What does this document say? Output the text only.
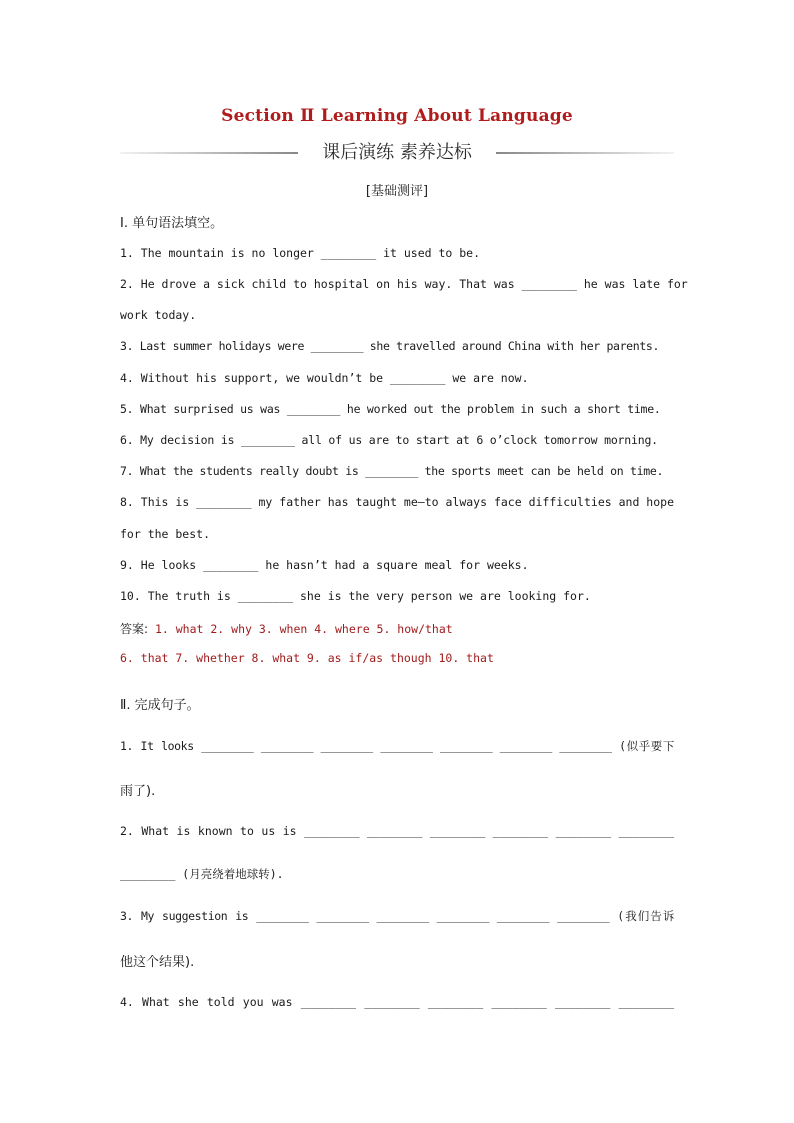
Section Ⅱ Learning About Language
课后演练 素养达标
[基础测评]
Ⅰ. 单句语法填空。
1. The mountain is no longer ________ it used to be.
2. He drove a sick child to hospital on his way. That was ________ he was late for
work today.
3. Last summer holidays were ________ she travelled around China with her parents.
4. Without his support, we wouldn’t be ________ we are now.
5. What surprised us was ________ he worked out the problem in such a short time.
6. My decision is ________ all of us are to start at 6 o’clock tomorrow morning.
7. What the students really doubt is ________ the sports meet can be held on time.
8. This is ________ my father has taught me—to always face difficulties and hope
for the best.
9. He looks ________ he hasn’t had a square meal for weeks.
10. The truth is ________ she is the very person we are looking for.
答案: 1. what 2. why 3. when 4. where 5. how/that
6. that 7. whether 8. what 9. as if/as though 10. that
Ⅱ. 完成句子。
1. It looks ________ ________ ________ ________ ________ ________ ________ (似乎要下
雨了).
2. What is known to us is ________ ________ ________ ________ ________ ________
________ (月亮绕着地球转).
3. My suggestion is ________ ________ ________ ________ ________ ________ (我们告诉
他这个结果).
4. What she told you was ________ ________ ________ ________ ________ ________
